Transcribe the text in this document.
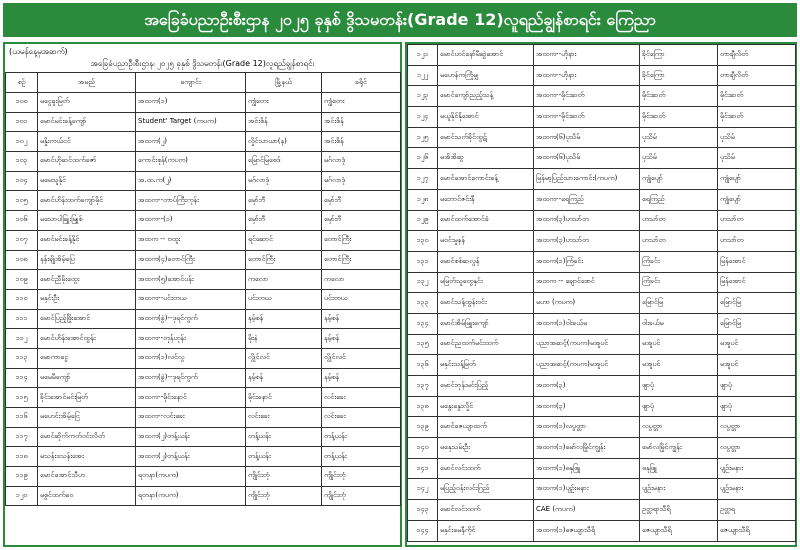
အခြေခံပညာဦးစီးဌာန ၂၀၂၅ ခုနှစ် ဒွိသမတန်း(Grade 12)လူရည်ချွန်စာရင်း ကြေညာ
(ယမန်နေ့မှအဆက်)
အခြေခံပညာဦးစီးဌာန၊ ၂၀၂၅ ခုနှစ် ဒွိသမတန်း(Grade 12)လူရည်ချွန်စာရင်း
စဉ်	အမည်	ကျောင်း	မြို့နယ်	ခရိုင်
၁၀၀	မငွေခူးမြတ်	အထက(၁)	ကျွံတေး	ကျွံတေး
၁၀၁	မောင်မင်းခန့်ကျော်	Student' Target (ကပက)	အင်းစိန်	အင်းစိန်
၁၀၂	မနှိုးကယ်ငင်	အထက(၂)	လှိုင်သာယာ(န)	အင်းစိန်
၁၀၃	မောင်ဟိုဆင်ထက်ဇော်	ကောင်းစုန်(ကပက)	မြောင်မြစေဒ်	မဂ်လာဒုံ
၁၀၄	မမေသူနိုင်	အ.ထ.က(၂)	မဂ်လာဒုံ	မဂ်လာဒုံ
၁၀၅	မောင်ဟိန်းထက်ကျော်မိုင်	အထက--တာပ်ကြီးကုန်း	မှော်ဘီ	မှော်ဘီ
၁၀၆	မသောပါခြူးမြူစ်	အထက--(၁)	မှော်ဘီ	မှော်ဘီ
၁၀၇	မောင်မင်းခန့်နိုင်	အထက -- ဗထူး	ရင်ဆောင်	တောင်ကြီး
၁၀၈	နန်းချိုအိမ့်ပြေ	အထက(၄)တောင်ကြီး	တောင်ကြီး	တောင်ကြီး
၁၀၉	မောင်ညီမိုးထွေး	အထက(၅)အောင်ပန်း	ကလော	ကလော
၁၁၀	မနှင်းဦး	အထက--ပင်းတယ	ပင်းတယ	ပင်းတယ
၁၁၁	မောင်ပြည့်ဖြိုးအောင်	အထက(ခွဲ)--ဒုရင်ကွက်	နမ့်စန်	နမ့်စန်
၁၁၂	မောင်ဟိန်းအောင်ထွန်း	အထက--တုန်ဟုန်း	မိုးနဲ	နမ့်စန်
၁၁၃	မောကာငွေ	အထက(၁)လင်လွ	လွိုင်လင်	လွိုင်လင်
၁၁၄	မမေမီကျော်	အထက(ခွဲ)--ဒုရင်ကွက်	နမ့်စန်	နမ့်စန်
၁၁၅	ခိုင်းအောင်မင်းမြတ်	အထက--မိုင်းနောင်	မိုင်းနောင်	လင်းခေး
၁၁၆	မဟေင်းအိမ့်ငြေ	အထက--လင်းခေး	လင်းခေး	လင်းခေး
၁၁၇	မောင်ဆိုက်ကတ်ဝင်းလိတ်	အထက(၂)တန့်ယန်း	တန့်ယန်း	တန့်ယန်း
၁၁၈	မသန်းဒသန်းအေး	အထက(၂)တန့်ယန်း	တန့်ယန်း	တန့်ယန်း
၁၁၉	မောင်အောင်သီဟ	ရတနာ(ကပက)	ကျိုင်းတုံ	ကျိုင်းတုံ
၁၂၀	မစွင်ထက်ဝေ	ရတနာ(ကပက)	ကျိုင်းတုံ	ကျိုင်းတုံ
၁၂၁	မောင်ဟင်နော်မီဆွဲအောင်	အထက--ဟိုနား	ခိုင်ကြော	တာချီလိတ်
၁၂၂	မဟေန်ကကြိုမျှ	အထက--ဟိုနား	ခိုင်ကြော	တာချီလိတ်
၁၂၃	မောင်ကျော်ညည့်သန့်	အထက--မိုင်းဆတ်	မိုင်းဆတ်	မိုင်းဆတ်
၁၂၄	မယူနိုင်နိုအောင်	အထက--မိုင်းဆတ်	မိုင်းဆတ်	မိုင်းဆတ်
၁၂၅	မောင်သက်ခိုင်ထွဋ်	အထက(၆)ပုသိမ်	ပုသိမ်	ပုသိမ်
၁၂၆	မအိအိဆွ	အထက(၆)ပုသိမ်	ပုသိမ်	ပုသိမ်
၁၂၇	မောင်အောင်ကောင်းခန့်	မြန်မာ့ပြည်သားကောင်း(ကပက)	ကျုံပျော်	ကျုံပျော်
၁၂၈	မဘောင်ဇင်းနီ	အထက--ရေကြည်	ရေကြည်	ကျုံပျော်
၁၂၉	မောင်ထက်အောင်ခံ	အထက(၃)ဟသာ်တ	ဟသာ်တ	ဟသာ်တ
၁၃၀	မဝင်းမှုနန်	အထက(၃)ဟသာ်တ	ဟသာ်တ	ဟသာ်တ
၁၃၁	မောင်စစ်ဆလွန်	အထက(၁)ကြံခင်း	ကြံခင်း	မြန်အောင်
၁၃၂	မမြတ်သူတွေနှင်း	အထက -- ချောင်ဒောင်	ကြံခင်း	မြန်အောင်
၁၃၃	မောင်သန့်ထွန်းဝင်း	မဟာ (ကပက)	မြောင်မြ	မြောင်မြ
၁၃၄	မောင်အိမ်မြူးကျော်	အထက(၁)ဝါးခယ်မ	ဝါးခယ်မ	မြောင်မြ
၁၃၅	မောင်ညထက်မင်းထက်	ပညာအဆင့်(ကပက)မအူပင်	မအူပင်	မအူပင်
၁၃၆	မနှင်းသန့်မြတ်	ပညာအဆင့်(ကပက)မအူပင်	မအူပင်	မအူပင်
၁၃၇	မောင်ဘုန်းမင်းပြည့်	အထက(၃)	ဖျာပုံ	ဖျာပုံ
၁၃၈	မနွေးနွေးလှိုင်	အထက(၃)	ဖျာပုံ	ဖျာပုံ
၁၃၉	မောင်ဇေယျာထက်	အထက(၁)လပွတ္တာ	လပွတ္တာ	လပွတ္တာ
၁၄၀	မနှေသမ်းဦး	အထက(၁)မော်လမြိုင်ကျွန်း	မော်လမြိုင်ကျွန်း	လပွတ္တာ
၁၄၁	မောင်လင်းထက်	အထက(၁)ဓနုဖြူ	ဓနုဖြူ	ပျဉ်းမနား
၁၄၂	မပြည့်ဝန်းလင်းဂြည်	အထက(၁)ပျဉ်းမနား	ပျဉ်းမနား	ပျဉ်းမနား
၁၄၃	မောင်လင်းထက်	CAE (ကပက)	ဥတ္တရာသီရိ	ဥတ္တရ
၁၄၄	မနှင်းမေနီကိုင်	အထက(၁)ဇေယျာသီရိ	ဇေယျာသီရိ	ဇေယျာသီရိ
